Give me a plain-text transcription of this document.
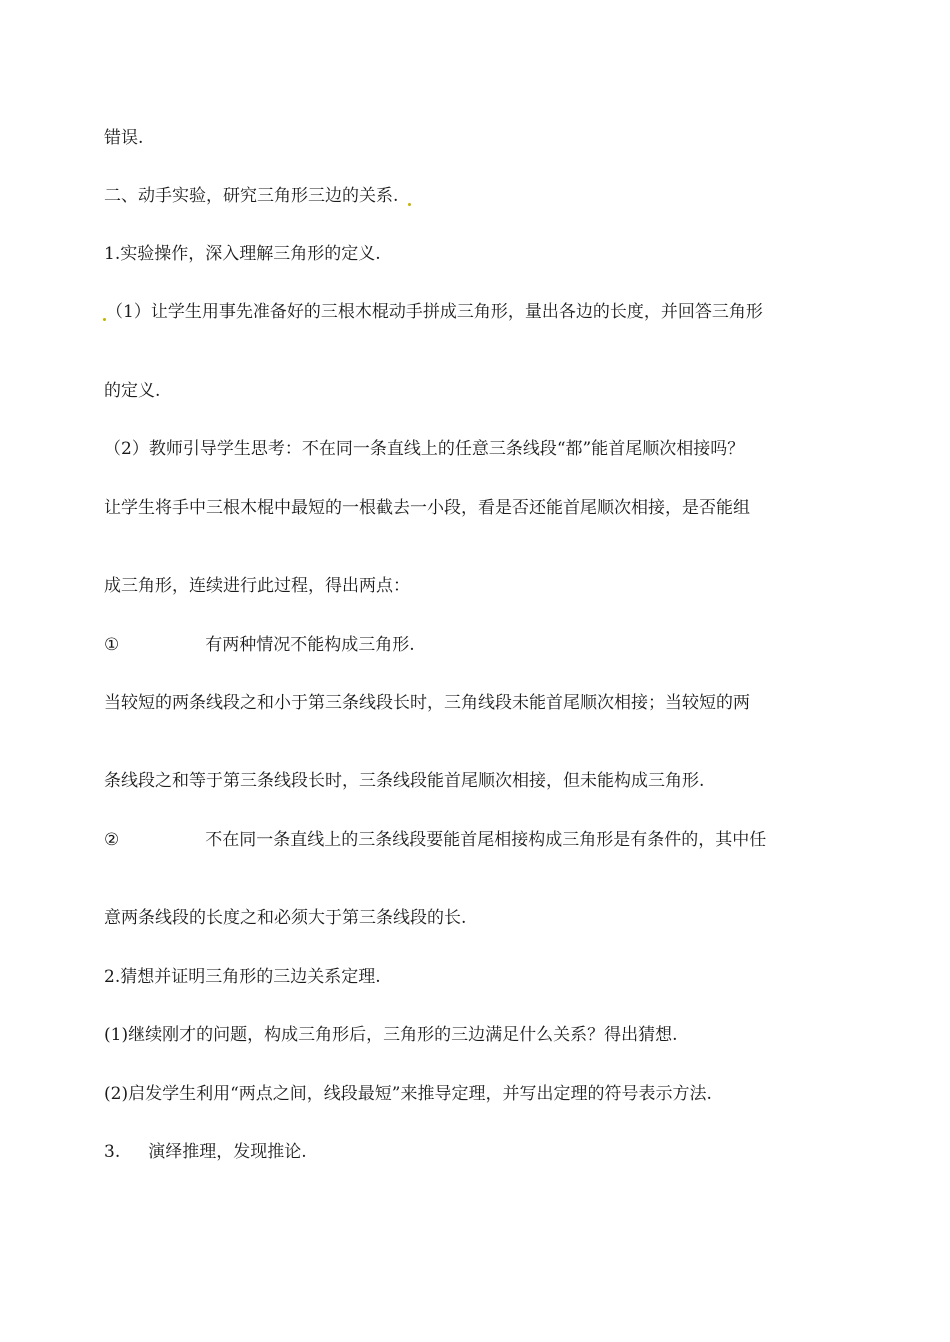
错误.
二、动手实验，研究三角形三边的关系.
1.实验操作，深入理解三角形的定义.
（1）让学生用事先准备好的三根木棍动手拼成三角形，量出各边的长度，并回答三角形
的定义.
（2）教师引导学生思考：不在同一条直线上的任意三条线段“都”能首尾顺次相接吗？
让学生将手中三根木棍中最短的一根截去一小段，看是否还能首尾顺次相接，是否能组
成三角形，连续进行此过程，得出两点：
①	有两种情况不能构成三角形.
当较短的两条线段之和小于第三条线段长时，三角线段未能首尾顺次相接；当较短的两
条线段之和等于第三条线段长时，三条线段能首尾顺次相接，但未能构成三角形.
②	不在同一条直线上的三条线段要能首尾相接构成三角形是有条件的，其中任
意两条线段的长度之和必须大于第三条线段的长.
2.猜想并证明三角形的三边关系定理.
(1)继续刚才的问题，构成三角形后，三角形的三边满足什么关系？得出猜想.
(2)启发学生利用“两点之间，线段最短”来推导定理，并写出定理的符号表示方法.
3. 演绎推理，发现推论.
